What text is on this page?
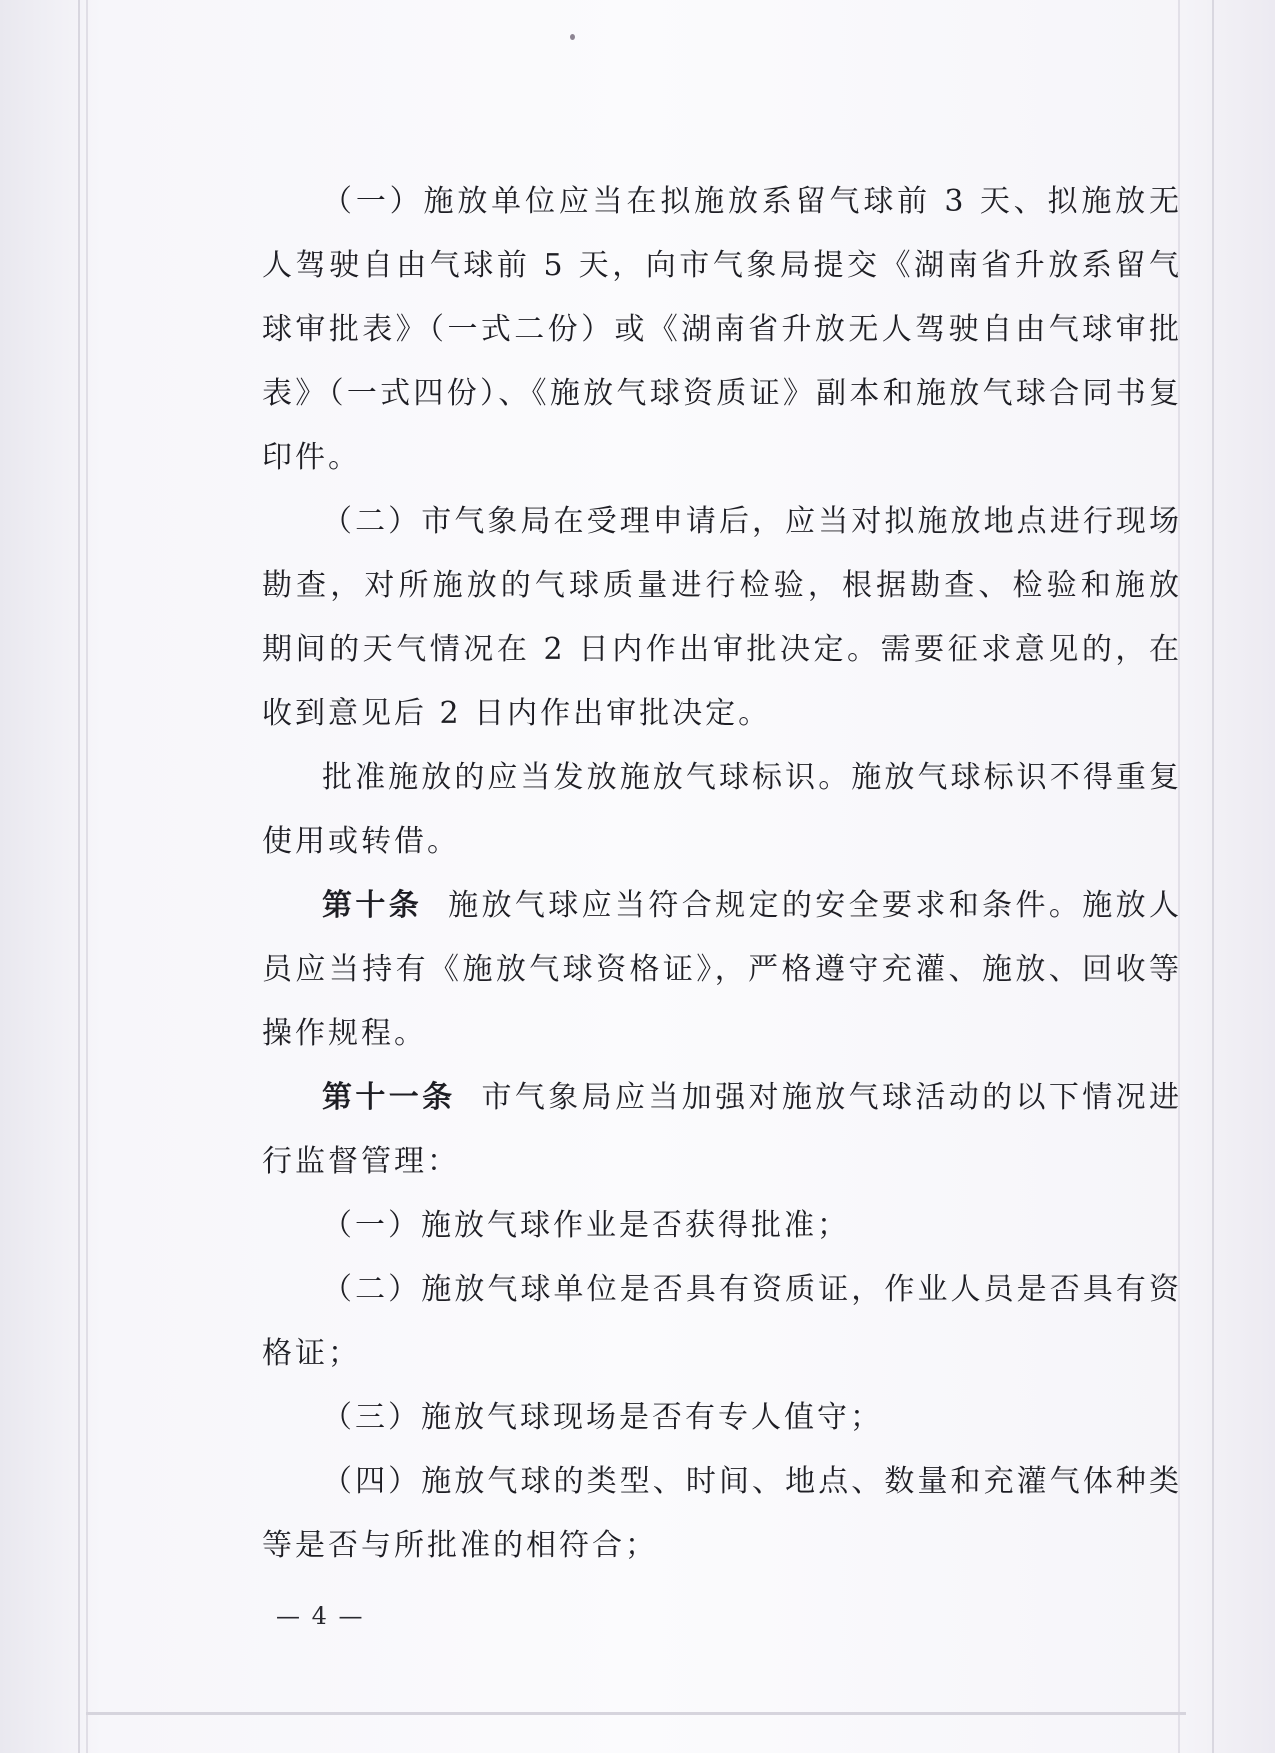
（一）施放单位应当在拟施放系留气球前 3 天、拟施放无人驾驶自由气球前 5 天，向市气象局提交《湖南省升放系留气球审批表》（一式二份）或《湖南省升放无人驾驶自由气球审批表》（一式四份）、《施放气球资质证》副本和施放气球合同书复印件。

（二）市气象局在受理申请后，应当对拟施放地点进行现场勘查，对所施放的气球质量进行检验，根据勘查、检验和施放期间的天气情况在 2 日内作出审批决定。需要征求意见的，在收到意见后 2 日内作出审批决定。

批准施放的应当发放施放气球标识。施放气球标识不得重复使用或转借。

第十条 施放气球应当符合规定的安全要求和条件。施放人员应当持有《施放气球资格证》，严格遵守充灌、施放、回收等操作规程。

第十一条 市气象局应当加强对施放气球活动的以下情况进行监督管理：

（一）施放气球作业是否获得批准；

（二）施放气球单位是否具有资质证，作业人员是否具有资格证；

（三）施放气球现场是否有专人值守；

（四）施放气球的类型、时间、地点、数量和充灌气体种类等是否与所批准的相符合；

— 4 —
